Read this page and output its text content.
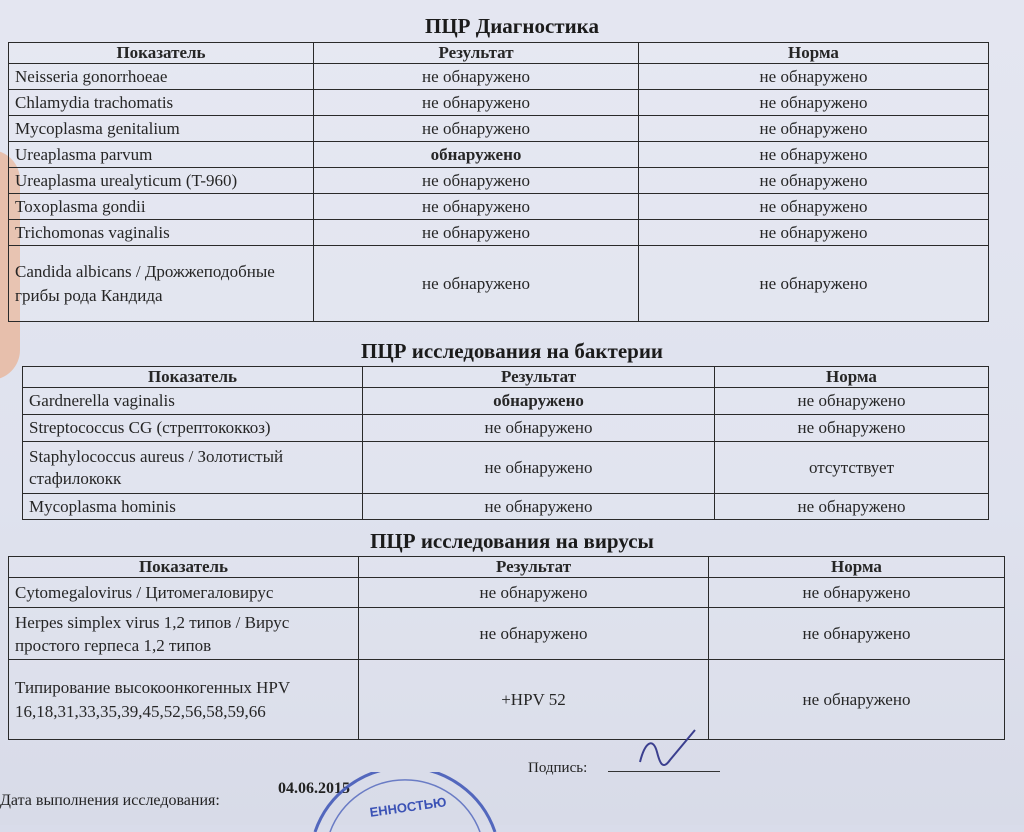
ПЦР Диагностика
Показатель	Результат	Норма
Neisseria gonorrhoeae	не обнаружено	не обнаружено
Chlamydia trachomatis	не обнаружено	не обнаружено
Mycoplasma genitalium	не обнаружено	не обнаружено
Ureaplasma parvum	обнаружено	не обнаружено
Ureaplasma urealyticum (T-960)	не обнаружено	не обнаружено
Toxoplasma gondii	не обнаружено	не обнаружено
Trichomonas vaginalis	не обнаружено	не обнаружено
Candida albicans / Дрожжеподобные грибы рода Кандида	не обнаружено	не обнаружено
ПЦР исследования на бактерии
Показатель	Результат	Норма
Gardnerella vaginalis	обнаружено	не обнаружено
Streptococcus CG (стрептококкоз)	не обнаружено	не обнаружено
Staphylococcus aureus / Золотистый стафилококк	не обнаружено	отсутствует
Mycoplasma hominis	не обнаружено	не обнаружено
ПЦР исследования на вирусы
Показатель	Результат	Норма
Cytomegalovirus / Цитомегаловирус	не обнаружено	не обнаружено
Herpes simplex virus 1,2 типов / Вирус простого герпеса 1,2 типов	не обнаружено	не обнаружено
Типирование высокоонкогенных HPV 16,18,31,33,35,39,45,52,56,58,59,66	+HPV 52	не обнаружено
Подпись:
Дата выполнения исследования:
04.06.2015
ЕННОСТЬЮ
